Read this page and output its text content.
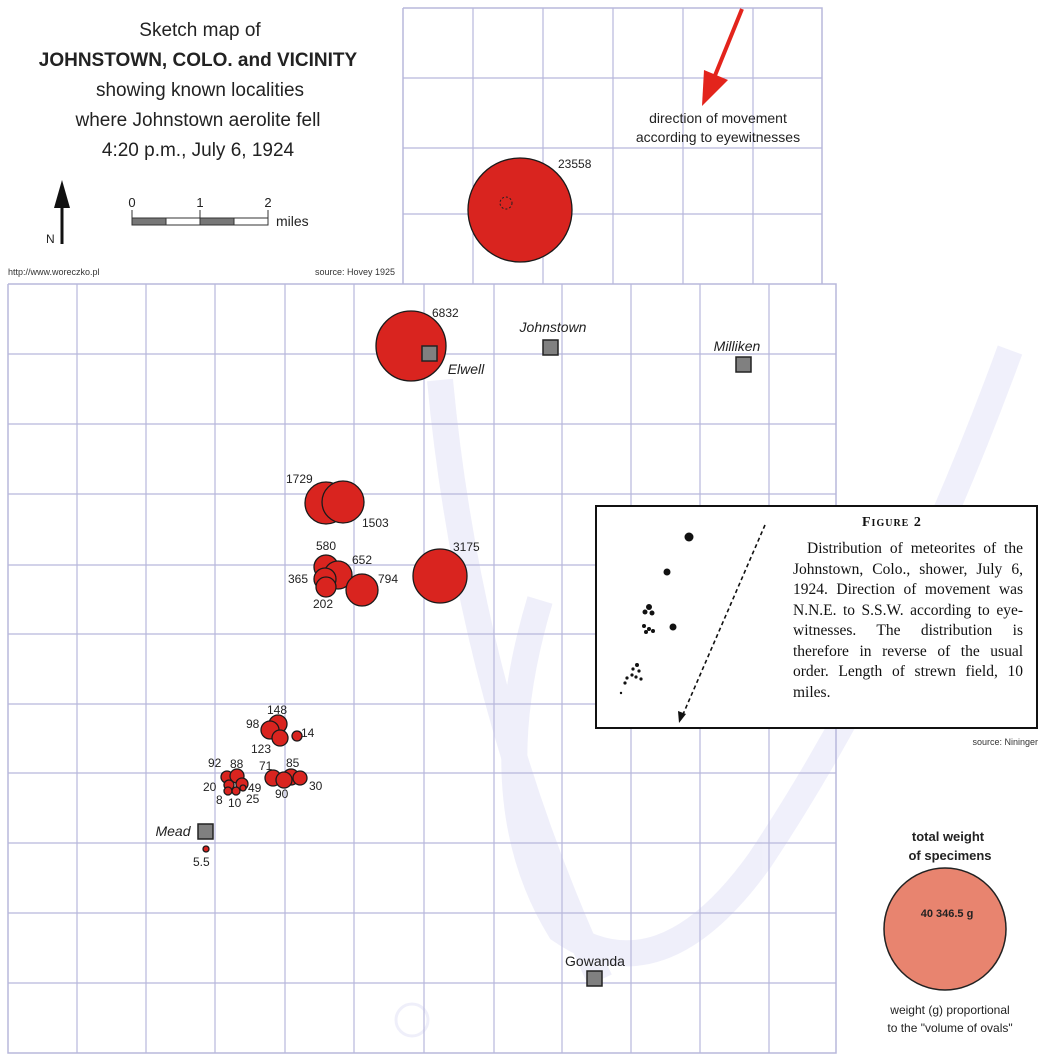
Sketch map of
JOHNSTOWN, COLO. and VICINITY
showing known localities
where Johnstown aerolite fell
4:20 p.m., July 6, 1924
N
0	1	2
miles
http://www.woreczko.pl	source: Hovey 1925
direction of movement
according to eyewitnesses
Johnstown
Milliken
Mead
Gowanda
23558
6832
1729
1503
3175
580
652
365	794
202
148
98
14
123
92 88 71 85
20	49	30
8 10 25 90
5.5
Elwell
total weight
of specimens
40 346.5 g
weight (g) proportional
to the "volume of ovals"
source: Nininger
Figure 2
Distribution of meteorites of the Johnstown, Colo., shower, July 6, 1924. Direction of movement was N.N.E. to S.S.W. according to eye-witnesses. The distribution is therefore in reverse of the usual order. Length of strewn field, 10 miles.
